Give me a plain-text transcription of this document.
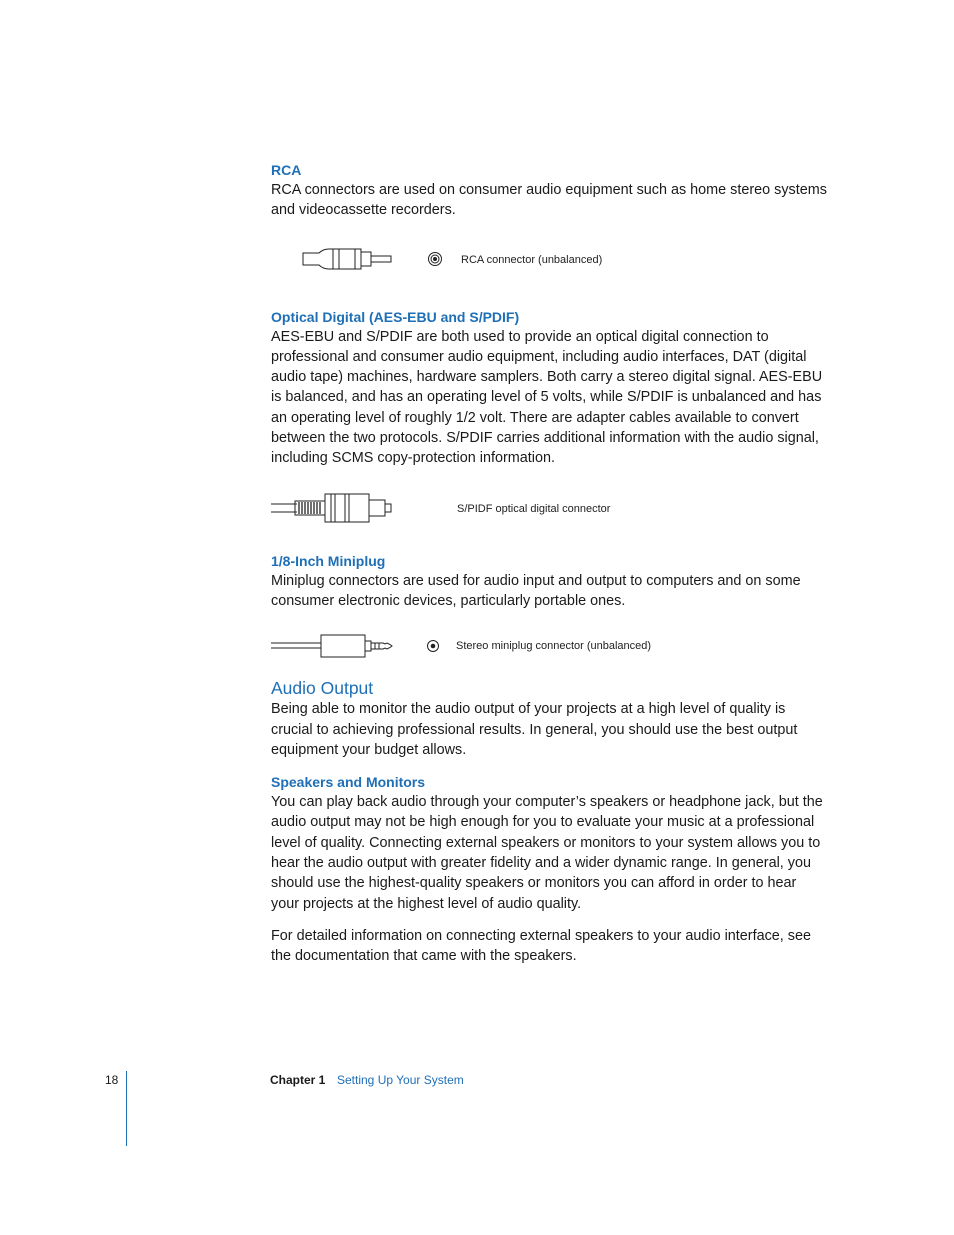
RCA

RCA connectors are used on consumer audio equipment such as home stereo systems and videocassette recorders.

RCA connector (unbalanced)
Optical Digital (AES-EBU and S/PDIF)

AES-EBU and S/PDIF are both used to provide an optical digital connection to professional and consumer audio equipment, including audio interfaces, DAT (digital audio tape) machines, hardware samplers. Both carry a stereo digital signal. AES-EBU is balanced, and has an operating level of 5 volts, while S/PDIF is unbalanced and has an operating level of roughly 1/2 volt. There are adapter cables available to convert between the two protocols. S/PDIF carries additional information with the audio signal, including SCMS copy-protection information.

S/PIDF optical digital connector
1/8-Inch Miniplug

Miniplug connectors are used for audio input and output to computers and on some consumer electronic devices, particularly portable ones.

Stereo miniplug connector (unbalanced)
Audio Output

Being able to monitor the audio output of your projects at a high level of quality is crucial to achieving professional results. In general, you should use the best output equipment your budget allows.

Speakers and Monitors

You can play back audio through your computer’s speakers or headphone jack, but the audio output may not be high enough for you to evaluate your music at a professional level of quality. Connecting external speakers or monitors to your system allows you to hear the audio output with greater fidelity and a wider dynamic range. In general, you should use the highest-quality speakers or monitors you can afford in order to hear your projects at the highest level of audio quality.

For detailed information on connecting external speakers to your audio interface, see the documentation that came with the speakers.

18	Chapter 1 Setting Up Your System
